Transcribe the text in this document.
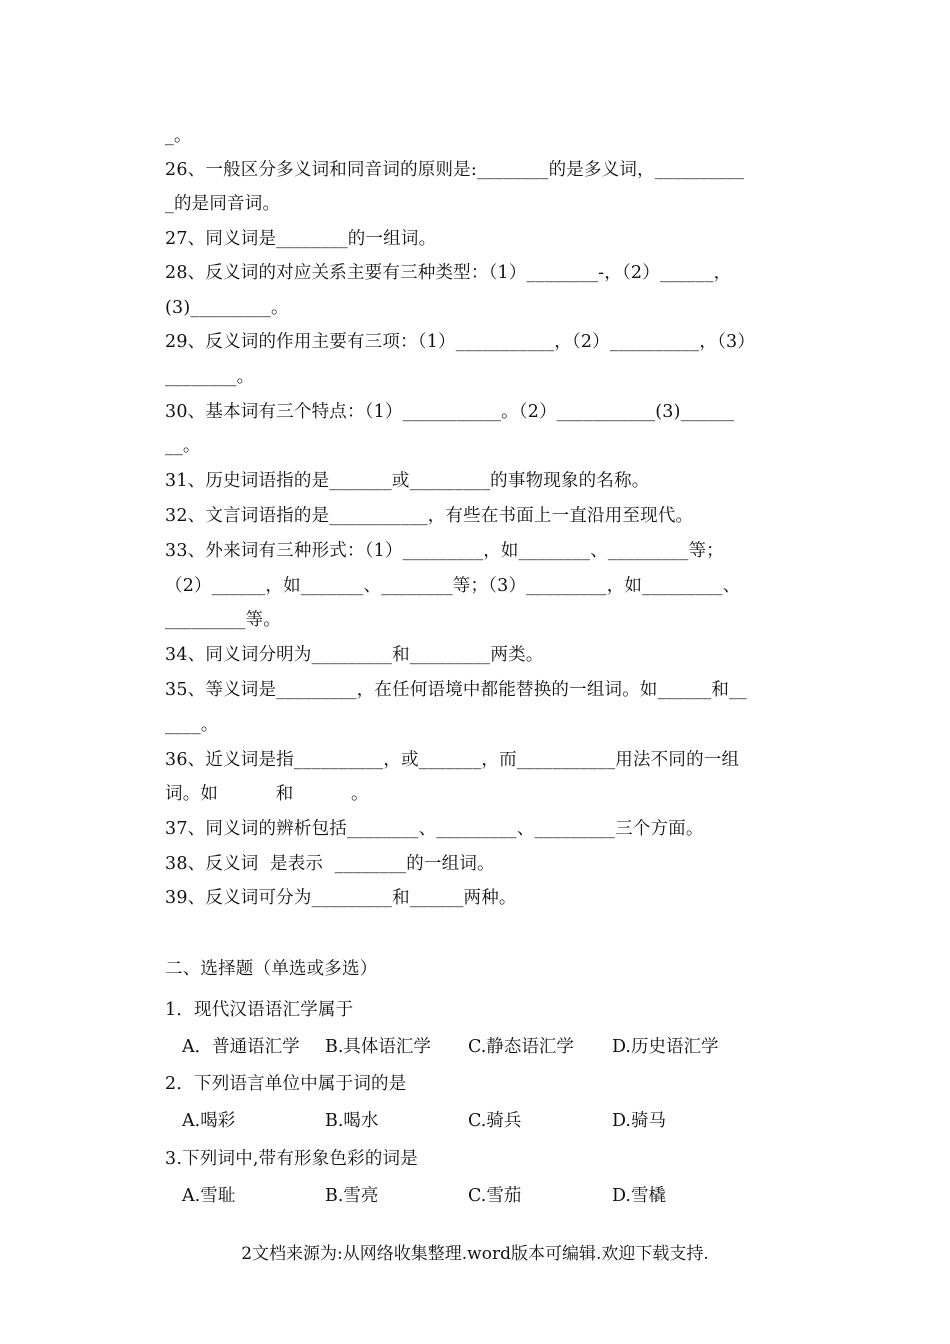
_。
26、一般区分多义词和同音词的原则是:________的是多义词，__________
_的是同音词。
27、同义词是________的一组词。
28、反义词的对应关系主要有三种类型：（1）________-，（2）______，
(3)_________。
29、反义词的作用主要有三项：（1）___________，（2）__________，（3）
________。
30、基本词有三个特点：（1）___________。（2）___________(3)______
__。
31、历史词语指的是_______或_________的事物现象的名称。
32、文言词语指的是___________，有些在书面上一直沿用至现代。
33、外来词有三种形式：（1）_________，如________、_________等；
（2）______，如_______、________等；（3）_________，如_________、
_________等。
34、同义词分明为_________和_________两类。
35、等义词是_________，在任何语境中都能替换的一组词。如______和__
____。
36、近义词是指__________，或_______，而___________用法不同的一组
词。如          和          。
37、同义词的辨析包括________、_________、_________三个方面。
38、反义词  是表示  ________的一组词。
39、反义词可分为_________和______两种。
二、选择题（单选或多选）
1．现代汉语语汇学属于
A．普通语汇学 B.具体语汇学 C.静态语汇学 D.历史语汇学
2．下列语言单位中属于词的是
A.喝彩	B.喝水	C.骑兵	D.骑马
3.下列词中,带有形象色彩的词是
A.雪耻	B.雪亮	C.雪茄	D.雪橇
2文档来源为:从网络收集整理.word版本可编辑.欢迎下载支持.
